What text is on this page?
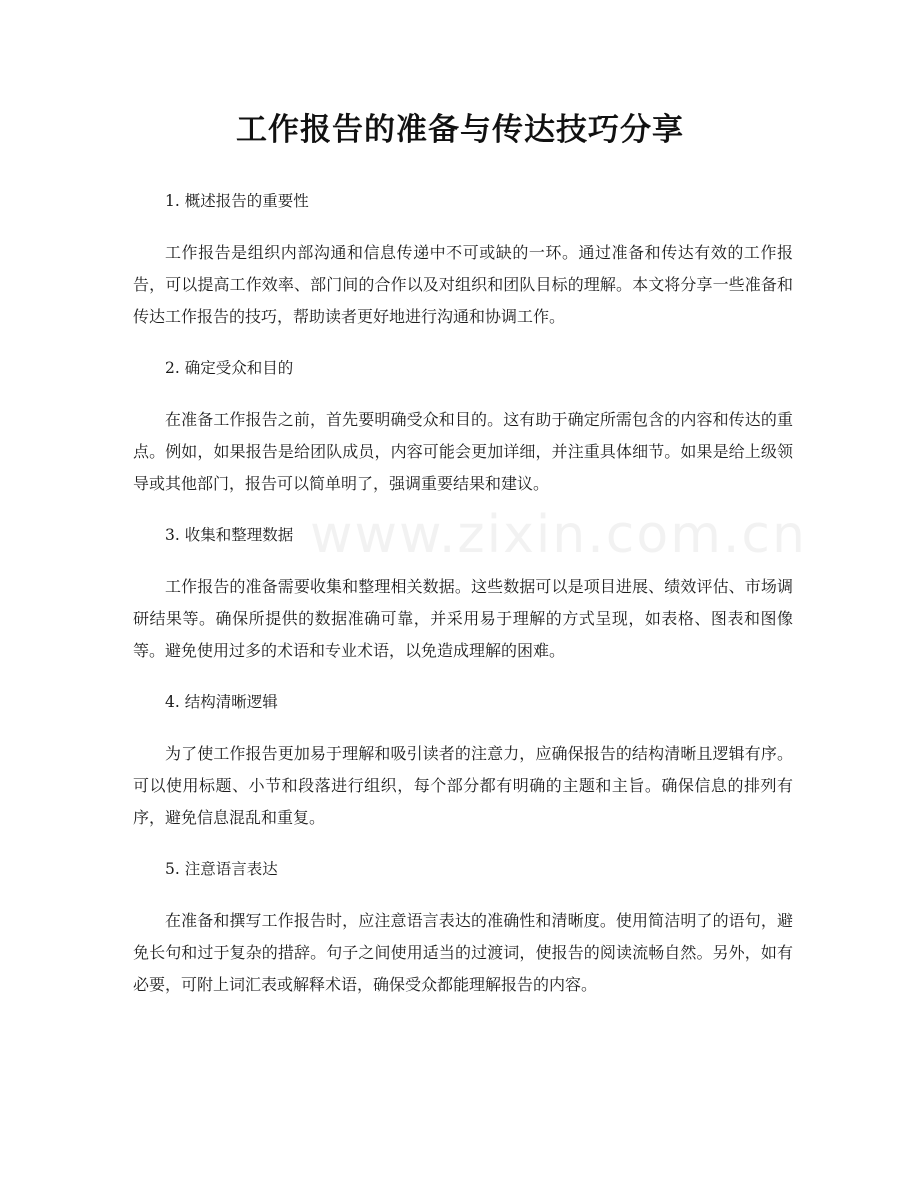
www.zixin.com.cn
工作报告的准备与传达技巧分享
1. 概述报告的重要性

工作报告是组织内部沟通和信息传递中不可或缺的一环。通过准备和传达有效的工作报告，可以提高工作效率、部门间的合作以及对组织和团队目标的理解。本文将分享一些准备和传达工作报告的技巧，帮助读者更好地进行沟通和协调工作。

2. 确定受众和目的

在准备工作报告之前，首先要明确受众和目的。这有助于确定所需包含的内容和传达的重点。例如，如果报告是给团队成员，内容可能会更加详细，并注重具体细节。如果是给上级领导或其他部门，报告可以简单明了，强调重要结果和建议。

3. 收集和整理数据

工作报告的准备需要收集和整理相关数据。这些数据可以是项目进展、绩效评估、市场调研结果等。确保所提供的数据准确可靠，并采用易于理解的方式呈现，如表格、图表和图像等。避免使用过多的术语和专业术语，以免造成理解的困难。

4. 结构清晰逻辑

为了使工作报告更加易于理解和吸引读者的注意力，应确保报告的结构清晰且逻辑有序。可以使用标题、小节和段落进行组织，每个部分都有明确的主题和主旨。确保信息的排列有序，避免信息混乱和重复。

5. 注意语言表达

在准备和撰写工作报告时，应注意语言表达的准确性和清晰度。使用简洁明了的语句，避免长句和过于复杂的措辞。句子之间使用适当的过渡词，使报告的阅读流畅自然。另外，如有必要，可附上词汇表或解释术语，确保受众都能理解报告的内容。
